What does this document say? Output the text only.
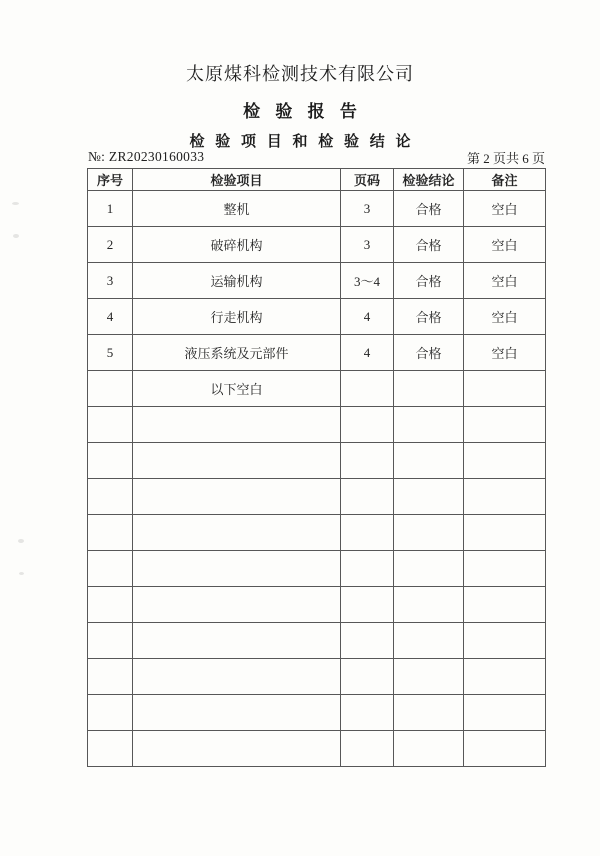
太原煤科检测技术有限公司
检 验 报 告
检 验 项 目 和 检 验 结 论
№: ZR20230160033	第 2 页共 6 页
序号	检验项目	页码	检验结论	备注
1	整机	3	合格	空白
2	破碎机构	3	合格	空白
3	运输机构	3～4	合格	空白
4	行走机构	4	合格	空白
5	液压系统及元部件	4	合格	空白
	以下空白			
